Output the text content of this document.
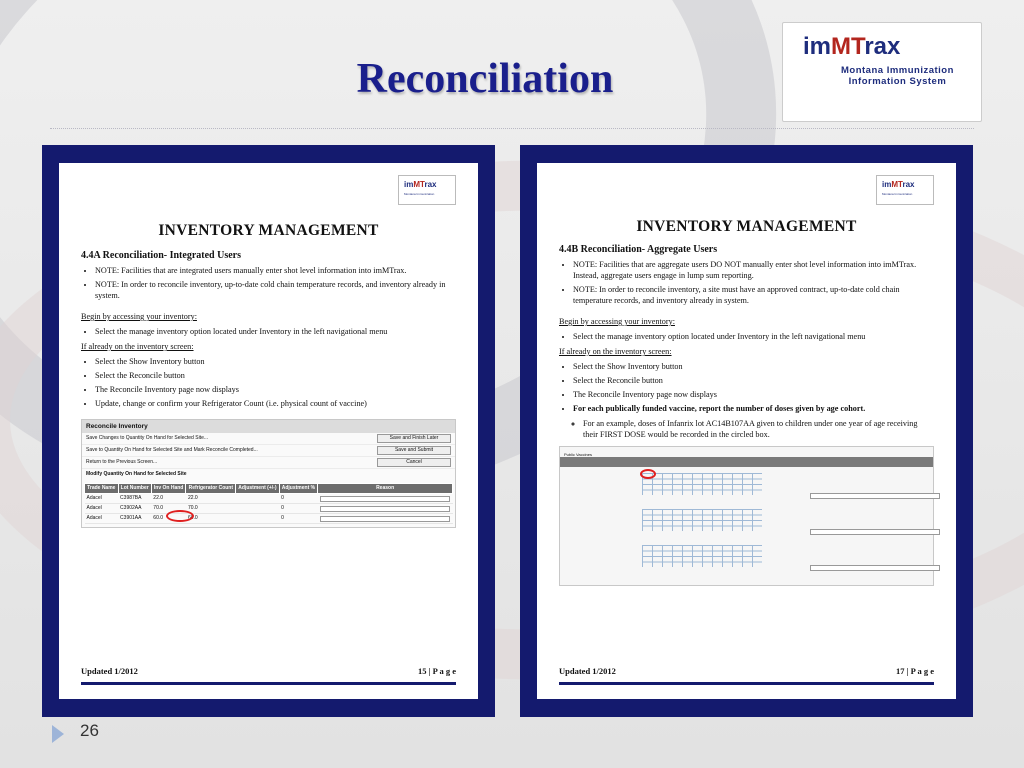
Reconciliation
imMTrax
Montana Immunization
Information System
imMTrax
Montana Immunization
INVENTORY MANAGEMENT
4.4A Reconciliation- Integrated Users
• NOTE: Facilities that are integrated users manually enter shot level information into imMTrax.
• NOTE: In order to reconcile inventory, up-to-date cold chain temperature records, and inventory already in system.
Begin by accessing your inventory:
• Select the manage inventory option located under Inventory in the left navigational menu
If already on the inventory screen:
• Select the Show Inventory button
• Select the Reconcile button
• The Reconcile Inventory page now displays
• Update, change or confirm your Refrigerator Count (i.e. physical count of vaccine)
Reconcile Inventory
Save Changes to Quantity On Hand for Selected Site...	Save and Finish Later
Save to Quantity On Hand for Selected Site and Mark Reconcile Completed...	Save and Submit
Return to the Previous Screen...	Cancel
Modify Quantity On Hand for Selected Site
Trade Name	Lot Number	Inv On Hand	Refrigerator Count	Adjustment (+/-)	Adjustment %	Reason
Adacel	C3987BA	22.0	22.0		0	

Adacel	C3902AA	70.0	70.0		0	

Adacel	C3901AA	60.0	60.0		0	
Updated 1/2012	15 | P a g e
imMTrax
Montana Immunization
INVENTORY MANAGEMENT
4.4B Reconciliation- Aggregate Users
• NOTE: Facilities that are aggregate users DO NOT manually enter shot level information into imMTrax. Instead, aggregate users engage in lump sum reporting.
• NOTE: In order to reconcile inventory, a site must have an approved contract, up-to-date cold chain temperature records, and inventory already in system.
Begin by accessing your inventory:
• Select the manage inventory option located under Inventory in the left navigational menu
If already on the inventory screen:
• Select the Show Inventory button
• Select the Reconcile button
• The Reconcile Inventory page now displays
• For each publically funded vaccine, report the number of doses given by age cohort.
◦ For an example, doses of Infanrix lot AC14B107AA given to children under one year of age receiving their FIRST DOSE would be recorded in the circled box.
Public Vaccines
Updated 1/2012	17 | P a g e
26
